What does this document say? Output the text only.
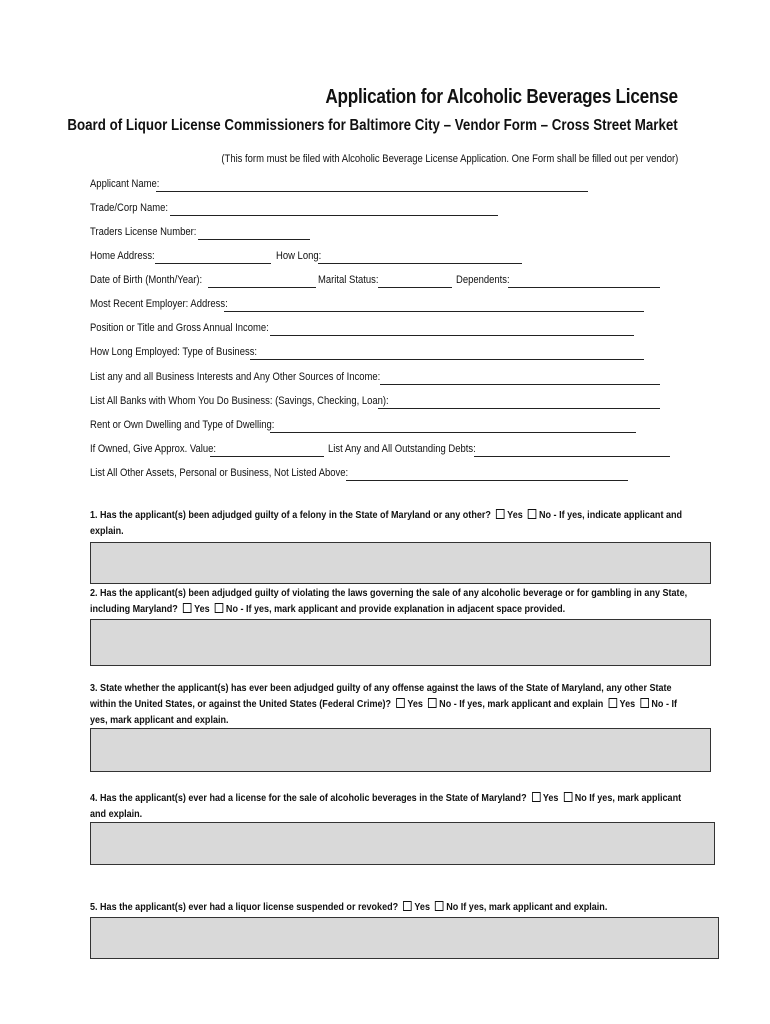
Application for Alcoholic Beverages License
Board of Liquor License Commissioners for Baltimore City – Vendor Form – Cross Street Market
(This form must be filed with Alcoholic Beverage License Application. One Form shall be filled out per vendor)
Applicant Name:
Trade/Corp Name:
Traders License Number:
Home Address:	How Long:
Date of Birth (Month/Year):	Marital Status:	Dependents:
Most Recent Employer: Address:
Position or Title and Gross Annual Income:
How Long Employed: Type of Business:
List any and all Business Interests and Any Other Sources of Income:
List All Banks with Whom You Do Business: (Savings, Checking, Loan):
Rent or Own Dwelling and Type of Dwelling:
If Owned, Give Approx. Value:	List Any and All Outstanding Debts:
List All Other Assets, Personal or Business, Not Listed Above:
1. Has the applicant(s) been adjudged guilty of a felony in the State of Maryland or any other? Yes No - If yes, indicate applicant and explain.
2. Has the applicant(s) been adjudged guilty of violating the laws governing the sale of any alcoholic beverage or for gambling in any State, including Maryland? Yes No - If yes, mark applicant and provide explanation in adjacent space provided.
3. State whether the applicant(s) has ever been adjudged guilty of any offense against the laws of the State of Maryland, any other State within the United States, or against the United States (Federal Crime)? Yes No - If yes, mark applicant and explain Yes No - If yes, mark applicant and explain.
4. Has the applicant(s) ever had a license for the sale of alcoholic beverages in the State of Maryland? Yes No If yes, mark applicant and explain.
5. Has the applicant(s) ever had a liquor license suspended or revoked? Yes No If yes, mark applicant and explain.
